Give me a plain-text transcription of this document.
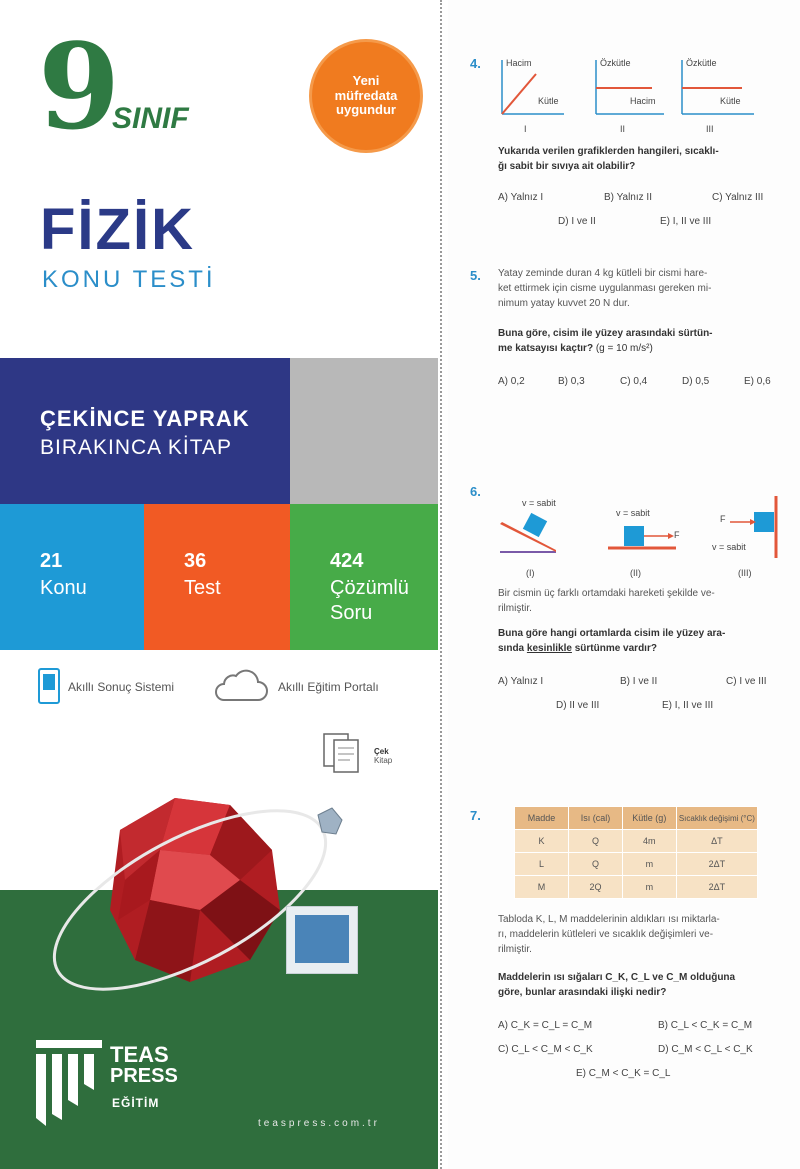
9
SINIF
Yeni
müfredata
uygundur
FİZİK
KONU TESTİ
ÇEKİNCE YAPRAK
BIRAKINCA KİTAP
21
Konu
36
Test
424
Çözümlü Soru
Akıllı Sonuç Sistemi	Akıllı Eğitim Portalı
Çek
Kitap
TEAS
PRESS
EĞİTİM
teaspress.com.tr
4.	Hacim
Kütle
I
Özkütle
Hacim
II
Özkütle
Kütle
III
Yukarıda verilen grafiklerden hangileri, sıcaklı-
ğı sabit bir sıvıya ait olabilir?
A) Yalnız I	B) Yalnız II	C) Yalnız III
D) I ve II	E) I, II ve III
5. Yatay zeminde duran 4 kg kütleli bir cismi hare-
ket ettirmek için cisme uygulanması gereken mi-
nimum yatay kuvvet 20 N dur.
Buna göre, cisim ile yüzey arasındaki sürtün-
me katsayısı kaçtır? (g = 10 m/s²)
A) 0,2	B) 0,3	C) 0,4	D) 0,5	E) 0,6
6.
v = sabit
v = sabit
v = sabit
F
F
(I)	(II)	(III)
Bir cismin üç farklı ortamdaki hareketi şekilde ve-
rilmiştir.
Buna göre hangi ortamlarda cisim ile yüzey ara-
sında kesinlikle sürtünme vardır?
A) Yalnız I	B) I ve II	C) I ve III
D) II ve III	E) I, II ve III
7.	Madde	Isı (cal)	Kütle (g)	Sıcaklık değişimi (°C)
K	Q	4m	ΔT
L	Q	m	2ΔT
M	2Q	m	2ΔT
Tabloda K, L, M maddelerinin aldıkları ısı miktarla-
rı, maddelerin kütleleri ve sıcaklık değişimleri ve-
rilmiştir.
Maddelerin ısı sığaları C_K, C_L ve C_M olduğuna
göre, bunlar arasındaki ilişki nedir?
A) C_K = C_L = C_M	B) C_L < C_K = C_M
C) C_L < C_M < C_K	D) C_M < C_L < C_K
E) C_M < C_K = C_L
